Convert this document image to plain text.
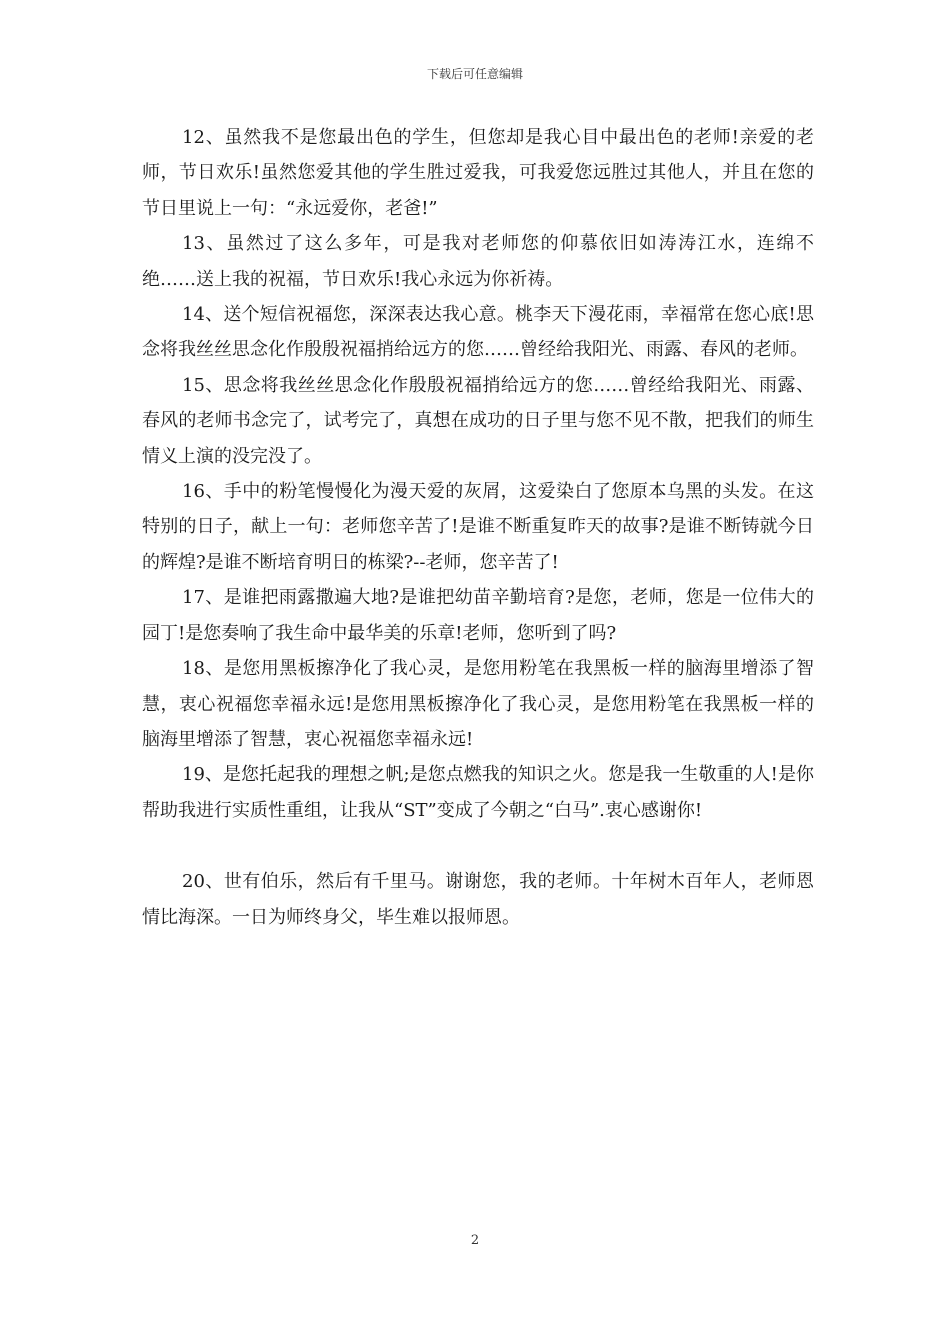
下载后可任意编辑

12、虽然我不是您最出色的学生，但您却是我心目中最出色的老师!亲爱的老师，节日欢乐!虽然您爱其他的学生胜过爱我，可我爱您远胜过其他人，并且在您的节日里说上一句：“永远爱你，老爸!”

13、虽然过了这么多年，可是我对老师您的仰慕依旧如涛涛江水，连绵不绝……送上我的祝福，节日欢乐!我心永远为你祈祷。

14、送个短信祝福您，深深表达我心意。桃李天下漫花雨，幸福常在您心底!思念将我丝丝思念化作殷殷祝福捎给远方的您……曾经给我阳光、雨露、春风的老师。

15、思念将我丝丝思念化作殷殷祝福捎给远方的您……曾经给我阳光、雨露、春风的老师书念完了，试考完了，真想在成功的日子里与您不见不散，把我们的师生情义上演的没完没了。

16、手中的粉笔慢慢化为漫天爱的灰屑，这爱染白了您原本乌黑的头发。在这特别的日子，献上一句：老师您辛苦了!是谁不断重复昨天的故事?是谁不断铸就今日的辉煌?是谁不断培育明日的栋梁?--老师，您辛苦了!

17、是谁把雨露撒遍大地?是谁把幼苗辛勤培育?是您，老师，您是一位伟大的园丁!是您奏响了我生命中最华美的乐章!老师，您听到了吗?

18、是您用黑板擦净化了我心灵，是您用粉笔在我黑板一样的脑海里增添了智慧，衷心祝福您幸福永远!是您用黑板擦净化了我心灵，是您用粉笔在我黑板一样的脑海里增添了智慧，衷心祝福您幸福永远!

19、是您托起我的理想之帆;是您点燃我的知识之火。您是我一生敬重的人!是你帮助我进行实质性重组，让我从“ST”变成了今朝之“白马”.衷心感谢你!

20、世有伯乐，然后有千里马。谢谢您，我的老师。十年树木百年人，老师恩情比海深。一日为师终身父，毕生难以报师恩。

2
